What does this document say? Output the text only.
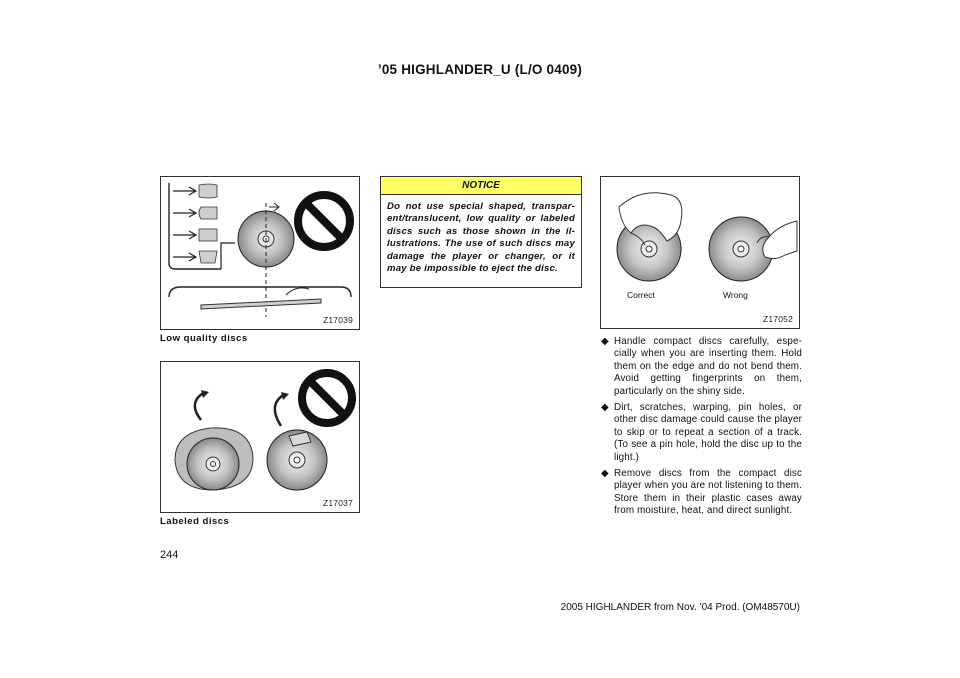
’05 HIGHLANDER_U (L/O 0409)
Z17039
Low quality discs
Z17037
Labeled discs
NOTICE
Do not use special shaped, transpar- ent/translucent, low quality or labeled discs such as those shown in the il- lustrations. The use of such discs may damage the player or changer, or it may be impossible to eject the disc.
Correct	Wrong
Z17052
◆ Handle compact discs carefully, espe- cially when you are inserting them. Hold them on the edge and do not bend them. Avoid getting fingerprints on them, particularly on the shiny side.
◆ Dirt, scratches, warping, pin holes, or other disc damage could cause the player to skip or to repeat a section of a track. (To see a pin hole, hold the disc up to the light.)
◆ Remove discs from the compact disc player when you are not listening to them. Store them in their plastic cases away from moisture, heat, and direct sunlight.
244
2005 HIGHLANDER from Nov. ’04 Prod. (OM48570U)
